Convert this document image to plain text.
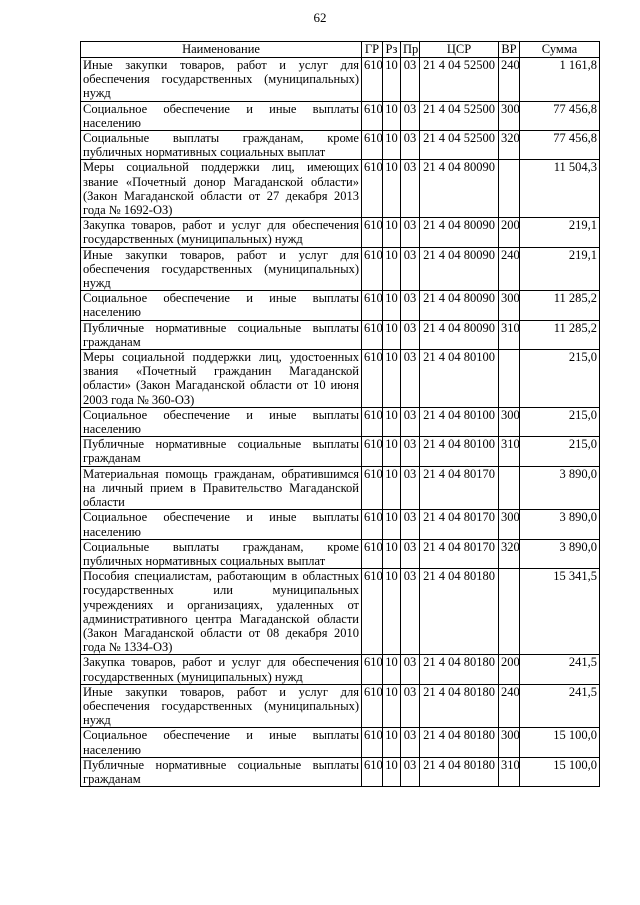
62
Наименование	ГР	Рз	Пр	ЦСР	ВР	Сумма
Иные закупки товаров, работ и услуг для обеспечения государственных (муниципальных) нужд	610	10	03	21 4 04 52500	240	1 161,8
Социальное обеспечение и иные выплаты населению	610	10	03	21 4 04 52500	300	77 456,8
Социальные выплаты гражданам, кроме публичных нормативных социальных выплат	610	10	03	21 4 04 52500	320	77 456,8
Меры социальной поддержки лиц, имеющих звание «Почетный донор Магаданской области» (Закон Магаданской области от 27 декабря 2013 года № 1692-ОЗ)	610	10	03	21 4 04 80090		11 504,3
Закупка товаров, работ и услуг для обеспечения государственных (муниципальных) нужд	610	10	03	21 4 04 80090	200	219,1
Иные закупки товаров, работ и услуг для обеспечения государственных (муниципальных) нужд	610	10	03	21 4 04 80090	240	219,1
Социальное обеспечение и иные выплаты населению	610	10	03	21 4 04 80090	300	11 285,2
Публичные нормативные социальные выплаты гражданам	610	10	03	21 4 04 80090	310	11 285,2
Меры социальной поддержки лиц, удостоенных звания «Почетный гражданин Магаданской области» (Закон Магаданской области от 10 июня 2003 года № 360-ОЗ)	610	10	03	21 4 04 80100		215,0
Социальное обеспечение и иные выплаты населению	610	10	03	21 4 04 80100	300	215,0
Публичные нормативные социальные выплаты гражданам	610	10	03	21 4 04 80100	310	215,0
Материальная помощь гражданам, обратившимся на личный прием в Правительство Магаданской области	610	10	03	21 4 04 80170		3 890,0
Социальное обеспечение и иные выплаты населению	610	10	03	21 4 04 80170	300	3 890,0
Социальные выплаты гражданам, кроме публичных нормативных социальных выплат	610	10	03	21 4 04 80170	320	3 890,0
Пособия специалистам, работающим в областных государственных или муниципальных учреждениях и организациях, удаленных от административного центра Магаданской области (Закон Магаданской области от 08 декабря 2010 года № 1334-ОЗ)	610	10	03	21 4 04 80180		15 341,5
Закупка товаров, работ и услуг для обеспечения государственных (муниципальных) нужд	610	10	03	21 4 04 80180	200	241,5
Иные закупки товаров, работ и услуг для обеспечения государственных (муниципальных) нужд	610	10	03	21 4 04 80180	240	241,5
Социальное обеспечение и иные выплаты населению	610	10	03	21 4 04 80180	300	15 100,0
Публичные нормативные социальные выплаты гражданам	610	10	03	21 4 04 80180	310	15 100,0
